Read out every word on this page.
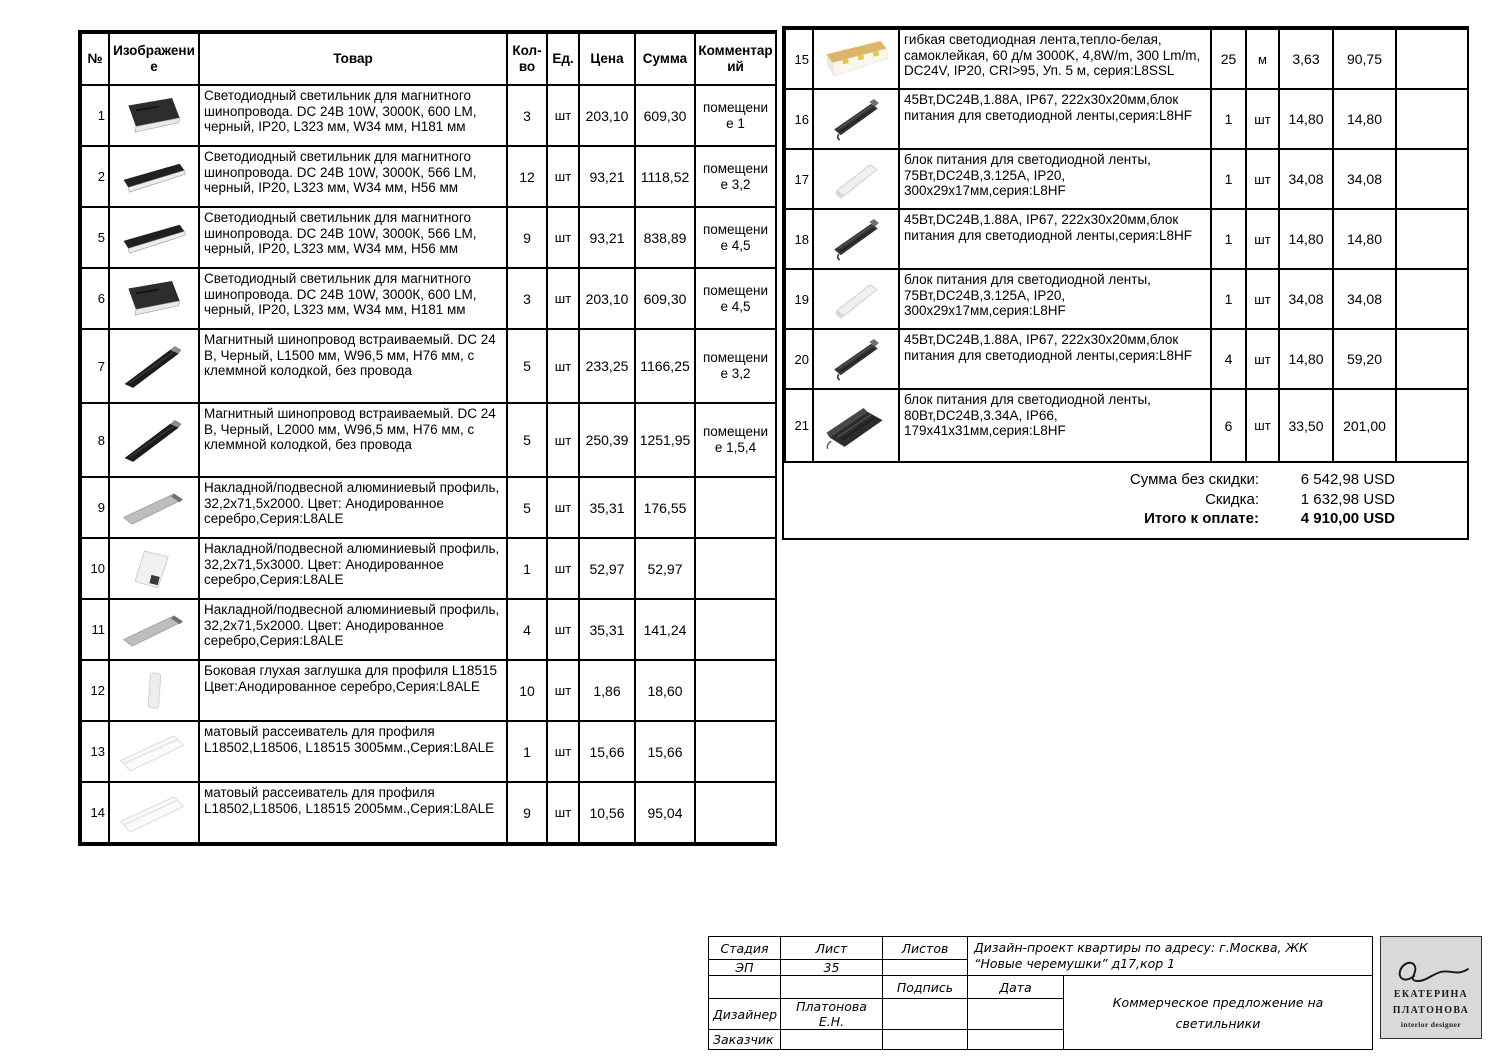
№	Изображение	Товар	Кол-во	Ед.	Цена	Сумма	Комментарий
1		Светодиодный светильник для магнитного шинопровода. DC 24В 10W, 3000К, 600 LM, черный, IP20, L323 мм, W34 мм, H181 мм	3	шт	203,10	609,30	помещение 1
2		Светодиодный светильник для магнитного шинопровода. DC 24В 10W, 3000К, 566 LM, черный, IP20, L323 мм, W34 мм, H56 мм	12	шт	93,21	1118,52	помещение 3,2
5		Светодиодный светильник для магнитного шинопровода. DC 24В 10W, 3000К, 566 LM, черный, IP20, L323 мм, W34 мм, H56 мм	9	шт	93,21	838,89	помещение 4,5
6		Светодиодный светильник для магнитного шинопровода. DC 24В 10W, 3000К, 600 LM, черный, IP20, L323 мм, W34 мм, H181 мм	3	шт	203,10	609,30	помещение 4,5
7		Магнитный шинопровод встраиваемый. DC 24 В, Черный, L1500 мм, W96,5 мм, H76 мм, с клеммной колодкой, без провода	5	шт	233,25	1166,25	помещение 3,2
8		Магнитный шинопровод встраиваемый. DC 24 В, Черный, L2000 мм, W96,5 мм, H76 мм, с клеммной колодкой, без провода	5	шт	250,39	1251,95	помещение 1,5,4
9		Накладной/подвесной алюминиевый профиль, 32,2х71,5х2000. Цвет: Анодированное серебро,Серия:L8ALE	5	шт	35,31	176,55	
10		Накладной/подвесной алюминиевый профиль, 32,2х71,5х3000. Цвет: Анодированное серебро,Серия:L8ALE	1	шт	52,97	52,97	
11		Накладной/подвесной алюминиевый профиль, 32,2х71,5х2000. Цвет: Анодированное серебро,Серия:L8ALE	4	шт	35,31	141,24	
12		Боковая глухая заглушка для профиля L18515 Цвет:Анодированное серебро,Серия:L8ALE	10	шт	1,86	18,60	
13		матовый рассеиватель для профиля L18502,L18506, L18515 3005мм.,Серия:L8ALE	1	шт	15,66	15,66	
14		матовый рассеиватель для профиля L18502,L18506, L18515 2005мм.,Серия:L8ALE	9	шт	10,56	95,04	
15		гибкая светодиодная лента,тепло-белая, самоклейкая, 60 д/м 3000K, 4,8W/m, 300 Lm/m, DC24V, IP20, CRI>95, Уп. 5 м, серия:L8SSL	25	м	3,63	90,75	
16		45Вт,DC24В,1.88А, IP67, 222х30х20мм,блок питания для светодиодной ленты,серия:L8HF	1	шт	14,80	14,80	
17		блок питания для светодиодной ленты, 75Вт,DC24В,3.125А, IP20, 300х29х17мм,серия:L8HF	1	шт	34,08	34,08	
18		45Вт,DC24В,1.88А, IP67, 222х30х20мм,блок питания для светодиодной ленты,серия:L8HF	1	шт	14,80	14,80	
19		блок питания для светодиодной ленты, 75Вт,DC24В,3.125А, IP20, 300х29х17мм,серия:L8HF	1	шт	34,08	34,08	
20		45Вт,DC24В,1.88А, IP67, 222х30х20мм,блок питания для светодиодной ленты,серия:L8HF	4	шт	14,80	59,20	
21		блок питания для светодиодной ленты, 80Вт,DC24В,3.34А, IP66, 179х41х31мм,серия:L8HF	6	шт	33,50	201,00	
Сумма без скидки:	6 542,98 USD
Скидка:	1 632,98 USD
Итого к оплате:	4 910,00 USD
Стадия	Лист	Листов	Дизайн-проект квартиры по адресу: г.Москва, ЖК “Новые черемушки” д17,кор 1	
ЭП	35			
		Подпись	Дата	Коммерческое предложение на светильники

Дизайнер	Платонова Е.Н.			
Заказчик				
ЕКАТЕРИНА
ПЛАТОНОВА
interior designer
